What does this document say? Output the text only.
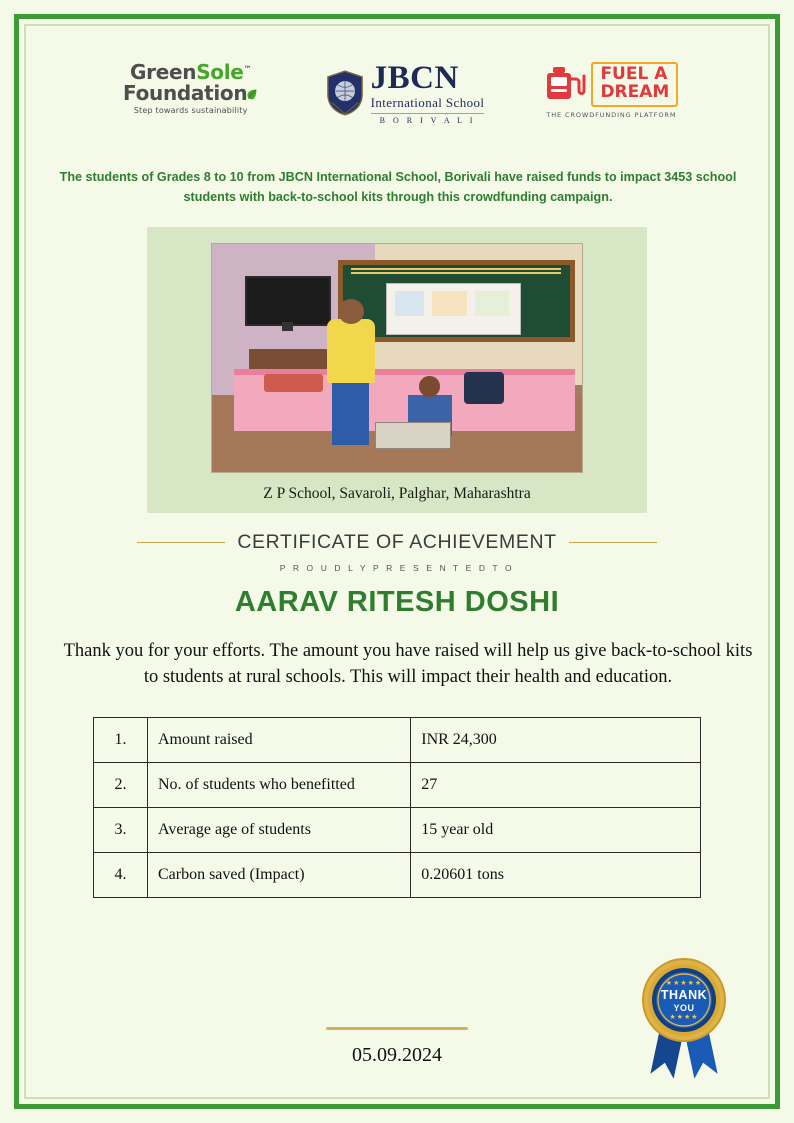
GreenSole™
Foundation
Step towards sustainability
JBCN
International School
B O R I V A L I
FUEL A
DREAM
THE CROWDFUNDING PLATFORM
The students of Grades 8 to 10 from JBCN International School, Borivali have raised funds to impact 3453 school students with back-to-school kits through this crowdfunding campaign.
Z P School, Savaroli, Palghar, Maharashtra
CERTIFICATE OF ACHIEVEMENT
P R O U D L Y P R E S E N T E D T O
AARAV RITESH DOSHI
Thank you for your efforts. The amount you have raised will help us give back-to-school kits to students at rural schools. This will impact their health and education.
1.	Amount raised	INR 24,300
2.	No. of students who benefitted	27
3.	Average age of students	15 year old
4.	Carbon saved (Impact)	0.20601 tons
05.09.2024
★★★★★
THANK
YOU
★★★★
